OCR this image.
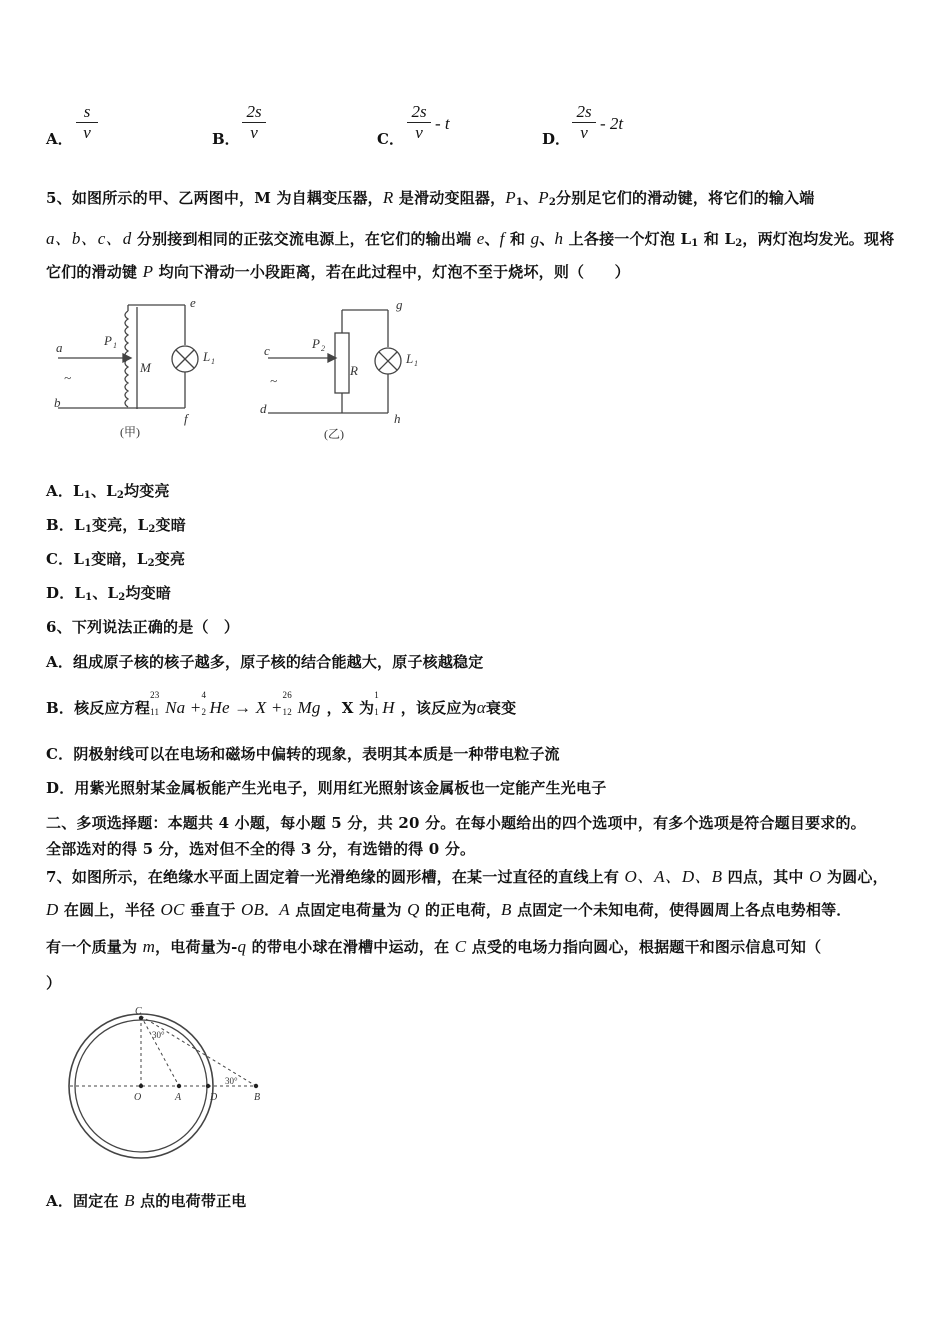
A． $\frac{s}{v}$	B． $\frac{2s}{v}$	C． $\frac{2s}{v}$ - t
D． $\frac{2s}{v} - 2t$
5、如图所示的甲、乙两图中，M 为自耦变压器，R 是滑动变阻器，$P_1$、$P_2$分别足它们的滑动键，将它们的输入端
a、b、c、d 分别接到相同的正弦交流电源上，在它们的输出端 e、f 和 g、h 上各接一个灯泡 $L_1$ 和 $L_2$，两灯泡均发光。现将
它们的滑动键 P 均向下滑动一小段距离，若在此过程中，灯泡不至于烧坏，则（　　）
a
~
b
P 1
M
e
L 1
f
(甲)
c
~
d
P 2
R
g
L 1
h
(乙)
A．$L_1$、$L_2$均变亮
B．$L_1$变亮，$L_2$变暗
C．$L_1$变暗，$L_2$变亮
D．$L_1$、$L_2$均变暗
6、下列说法正确的是（　）
A．组成原子核的核子越多，原子核的结合能越大，原子核越稳定
B．核反应方程
23
11 Na +
4
2 He → X +
26
12 Mg ，X 为
1
1 H ，该反应为α衰变
C．阴极射线可以在电场和磁场中偏转的现象，表明其本质是一种带电粒子流
D．用紫光照射某金属板能产生光电子，则用红光照射该金属板也一定能产生光电子
二、多项选择题：本题共 4 小题，每小题 5 分，共 20 分。在每小题给出的四个选项中，有多个选项是符合题目要求的。
全部选对的得 5 分，选对但不全的得 3 分，有选错的得 0 分。
7、如图所示，在绝缘水平面上固定着一光滑绝缘的圆形槽，在某一过直径的直线上有 O、A、D、B 四点，其中 O 为圆心，
D 在圆上，半径 OC 垂直于 OB．A 点固定电荷量为 Q 的正电荷，B 点固定一个未知电荷，使得圆周上各点电势相等．
有一个质量为 m，电荷量为-q 的带电小球在滑槽中运动，在 C 点受的电场力指向圆心，根据题干和图示信息可知（
）
C
O	A	D	B
30°
30°
A．固定在 B 点的电荷带正电
